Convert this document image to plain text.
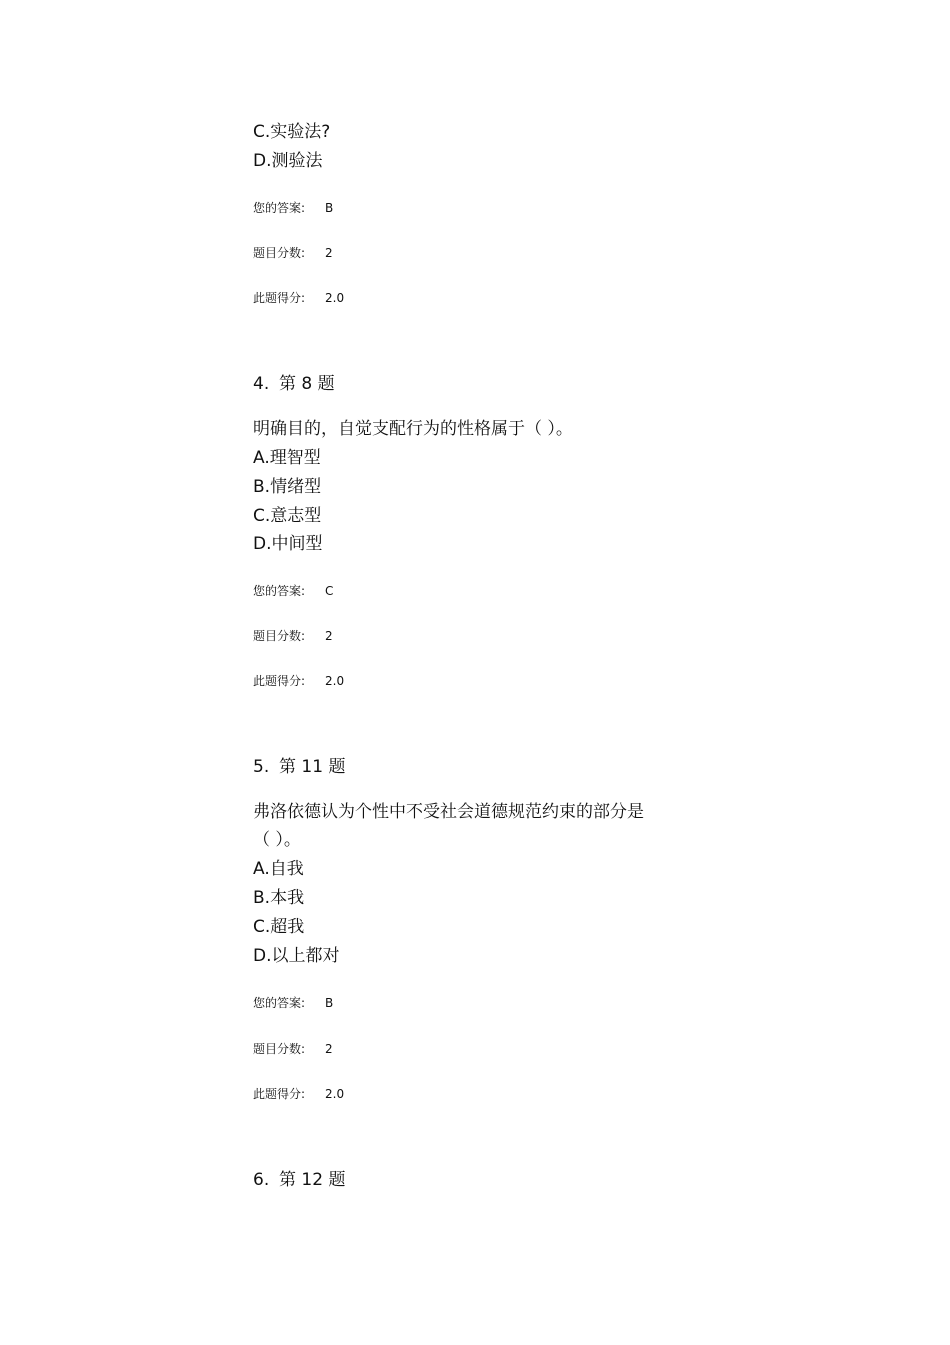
C.实验法?
D.测验法
您的答案: B
题目分数: 2
此题得分: 2.0
4. 第 8 题
明确目的，自觉支配行为的性格属于（ ）。
A.理智型
B.情绪型
C.意志型
D.中间型
您的答案: C
题目分数: 2
此题得分: 2.0
5. 第 11 题
弗洛依德认为个性中不受社会道德规范约束的部分是
（ ）。
A.自我
B.本我
C.超我
D.以上都对
您的答案: B
题目分数: 2
此题得分: 2.0
6. 第 12 题
